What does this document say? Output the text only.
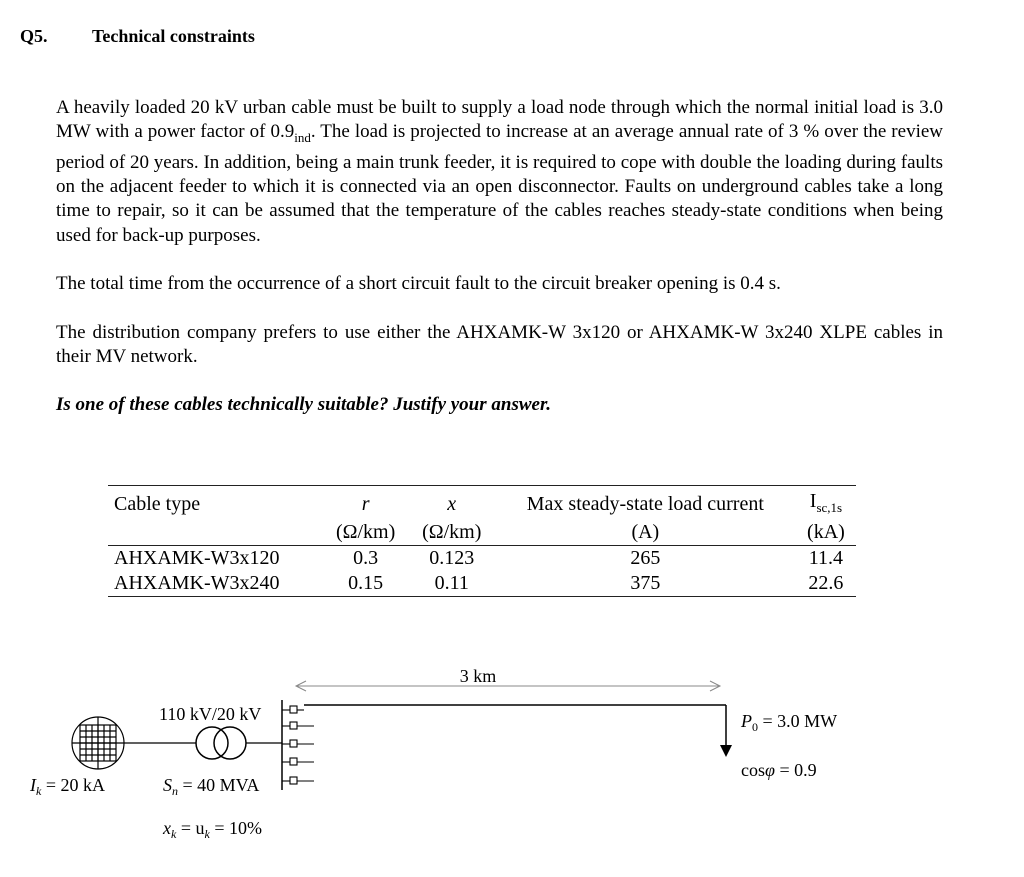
Q5. Technical constraints

A heavily loaded 20 kV urban cable must be built to supply a load node through which the normal initial load is 3.0 MW with a power factor of $0.9_{ind}$. The load is projected to increase at an average annual rate of 3 % over the review period of 20 years. In addition, being a main trunk feeder, it is required to cope with double the loading during faults on the adjacent feeder to which it is connected via an open disconnector. Faults on underground cables take a long time to repair, so it can be assumed that the temperature of the cables reaches steady-state conditions when being used for back-up purposes.

The total time from the occurrence of a short circuit fault to the circuit breaker opening is 0.4 s.

The distribution company prefers to use either the AHXAMK-W 3x120 or AHXAMK-W 3x240 XLPE cables in their MV network.

Is one of these cables technically suitable? Justify your answer.

Cable type	r	x	Max steady-state load current	$I_{sc,1s}$
	(Ω/km)	(Ω/km)	(A)	(kA)
AHXAMK-W3x120	0.3	0.123	265	11.4
AHXAMK-W3x240	0.15	0.11	375	22.6
3 km
110 kV/20 kV
$I_k = 20$ kA	$S_n = 40$ MVA
$x_k = u_k = 10\%$
$P_0 = 3.0$ MW
cosφ = 0.9
